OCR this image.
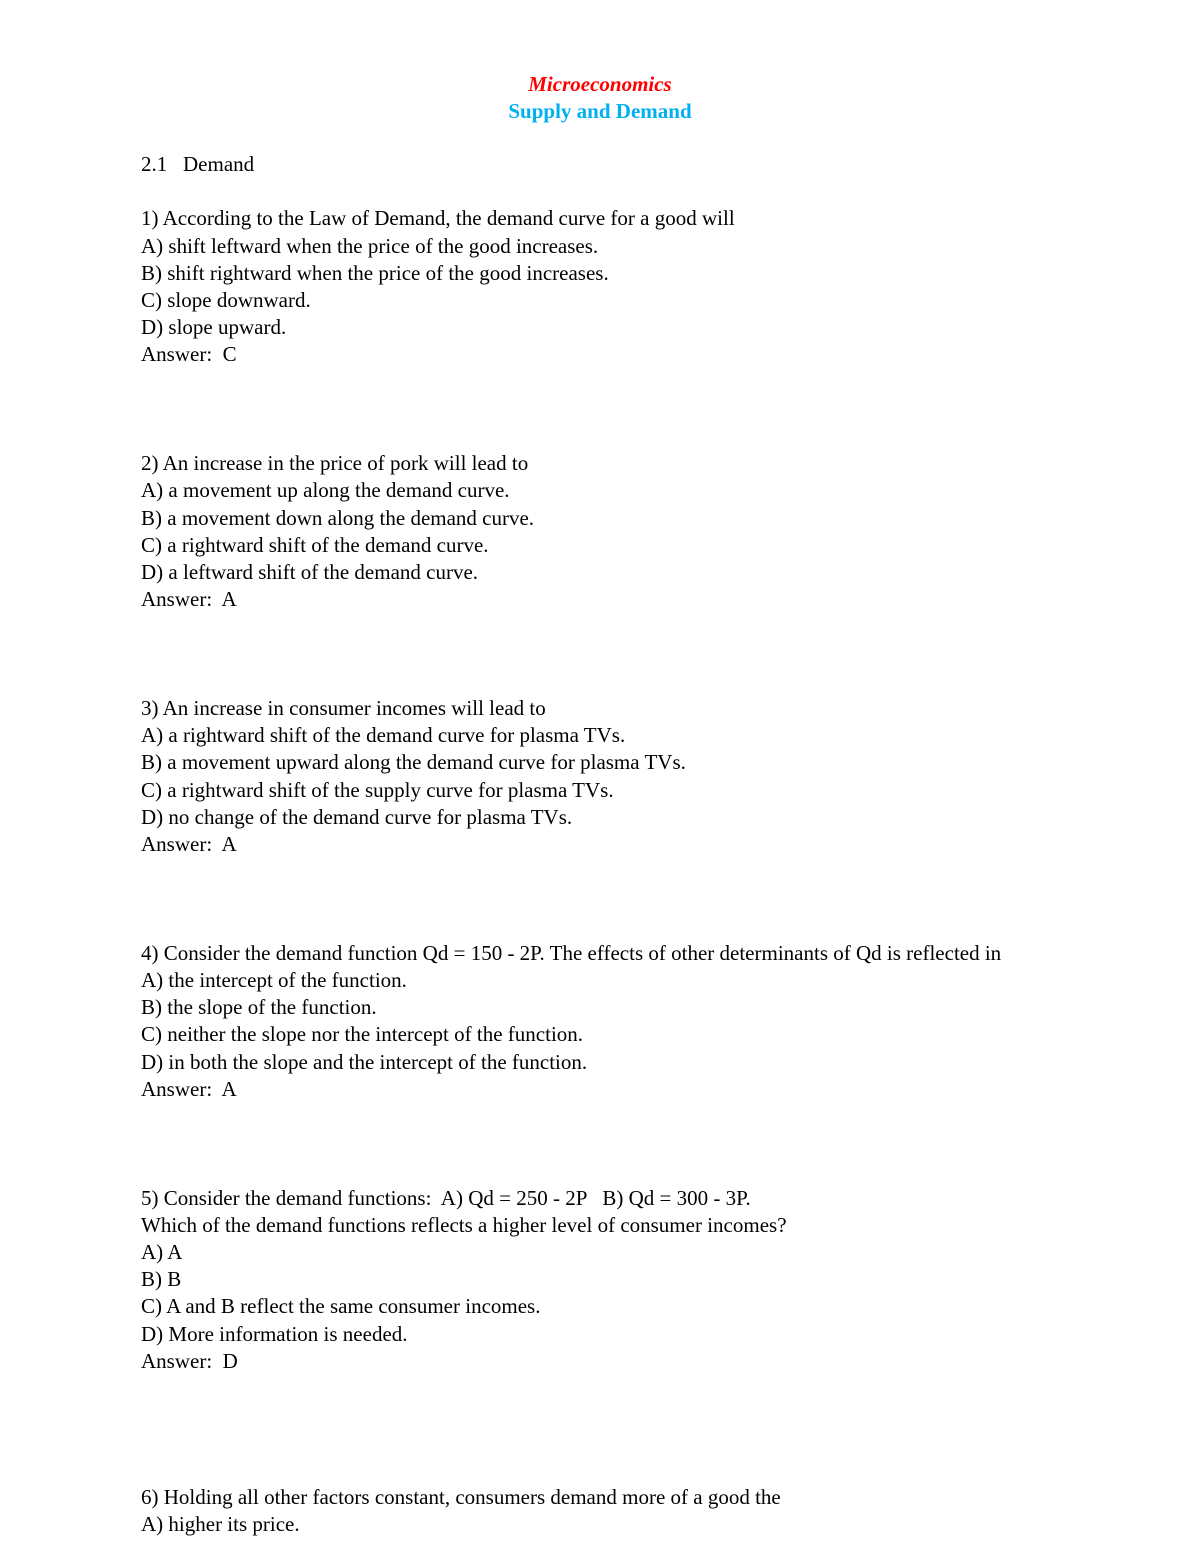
Microeconomics
Supply and Demand

2.1   Demand

1) According to the Law of Demand, the demand curve for a good will

A) shift leftward when the price of the good increases.

B) shift rightward when the price of the good increases.

C) slope downward.

D) slope upward.

Answer:  C

2) An increase in the price of pork will lead to

A) a movement up along the demand curve.

B) a movement down along the demand curve.

C) a rightward shift of the demand curve.

D) a leftward shift of the demand curve.

Answer:  A

3) An increase in consumer incomes will lead to

A) a rightward shift of the demand curve for plasma TVs.

B) a movement upward along the demand curve for plasma TVs.

C) a rightward shift of the supply curve for plasma TVs.

D) no change of the demand curve for plasma TVs.

Answer:  A

4) Consider the demand function Qd = 150 - 2P. The effects of other determinants of Qd is reflected in

A) the intercept of the function.

B) the slope of the function.

C) neither the slope nor the intercept of the function.

D) in both the slope and the intercept of the function.

Answer:  A

5) Consider the demand functions:  A) Qd = 250 - 2P   B) Qd = 300 - 3P.

Which of the demand functions reflects a higher level of consumer incomes?

A) A

B) B

C) A and B reflect the same consumer incomes.

D) More information is needed.

Answer:  D

6) Holding all other factors constant, consumers demand more of a good the

A) higher its price.
